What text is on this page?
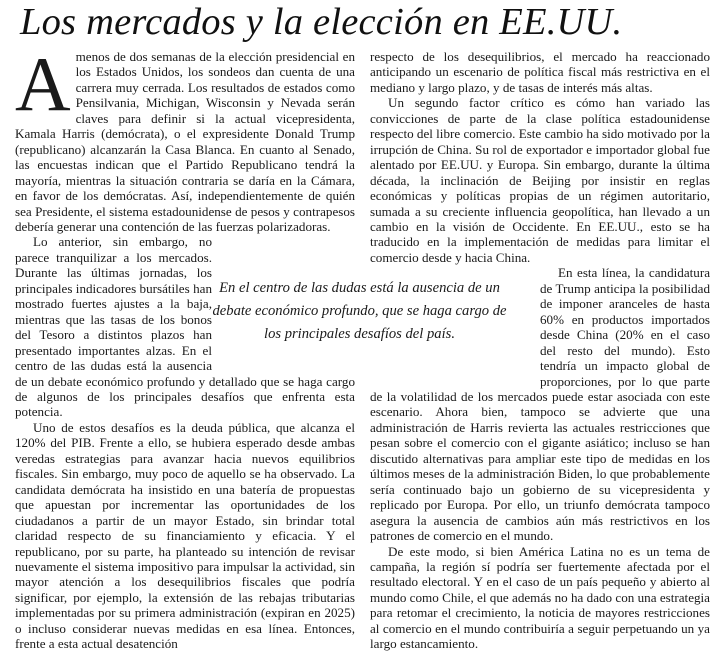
Los mercados y la elección en EE.UU.

A menos de dos semanas de la elección presidencial en los Estados Unidos, los sondeos dan cuenta de una carrera muy cerrada. Los resultados de estados como Pensilvania, Michigan, Wisconsin y Nevada serán claves para definir si la actual vicepresidenta, Kamala Harris (demócrata), o el expresidente Donald Trump (republicano) alcanzarán la Casa Blanca. En cuanto al Senado, las encuestas indican que el Partido Republicano tendrá la mayoría, mientras la situación contraria se daría en la Cámara, en favor de los demócratas. Así, independientemente de quién sea Presidente, el sistema estadounidense de pesos y contrapesos debería generar una contención de las fuerzas polarizadoras.

Lo anterior, sin embargo, no parece tranquilizar a los mercados. Durante las últimas jornadas, los principales indicadores bursátiles han mostrado fuertes ajustes a la baja, mientras que las tasas de los bonos del Tesoro a distintos plazos han presentado importantes alzas. En el centro de las dudas está la ausencia de un debate económico profundo y detallado que se haga cargo de algunos de los principales desafíos que enfrenta esta potencia.

Uno de estos desafíos es la deuda pública, que alcanza el 120% del PIB. Frente a ello, se hubiera esperado desde ambas veredas estrategias para avanzar hacia nuevos equilibrios fiscales. Sin embargo, muy poco de aquello se ha observado. La candidata demócrata ha insistido en una batería de propuestas que apuestan por incrementar las oportunidades de los ciudadanos a partir de un mayor Estado, sin brindar total claridad respecto de su financiamiento y eficacia. Y el republicano, por su parte, ha planteado su intención de revisar nuevamente el sistema impositivo para impulsar la actividad, sin mayor atención a los desequilibrios fiscales que podría significar, por ejemplo, la extensión de las rebajas tributarias implementadas por su primera administración (expiran en 2025) o incluso considerar nuevas medidas en esa línea. Entonces, frente a esta actual desatención

respecto de los desequilibrios, el mercado ha reaccionado anticipando un escenario de política fiscal más restrictiva en el mediano y largo plazo, y de tasas de interés más altas.

Un segundo factor crítico es cómo han variado las convicciones de parte de la clase política estadounidense respecto del libre comercio. Este cambio ha sido motivado por la irrupción de China. Su rol de exportador e importador global fue alentado por EE.UU. y Europa. Sin embargo, durante la última década, la inclinación de Beijing por insistir en reglas económicas y políticas propias de un régimen autoritario, sumada a su creciente influencia geopolítica, han llevado a un cambio en la visión de Occidente. En EE.UU., esto se ha traducido en la implementación de medidas para limitar el comercio desde y hacia China.

En esta línea, la candidatura de Trump anticipa la posibilidad de imponer aranceles de hasta 60% en productos importados desde China (20% en el caso del resto del mundo). Esto tendría un impacto global de proporciones, por lo que parte de la volatilidad de los mercados puede estar asociada con este escenario. Ahora bien, tampoco se advierte que una administración de Harris revierta las actuales restricciones que pesan sobre el comercio con el gigante asiático; incluso se han discutido alternativas para ampliar este tipo de medidas en los últimos meses de la administración Biden, lo que probablemente sería continuado bajo un gobierno de su vicepresidenta y replicado por Europa. Por ello, un triunfo demócrata tampoco asegura la ausencia de cambios aún más restrictivos en los patrones de comercio en el mundo.

De este modo, si bien América Latina no es un tema de campaña, la región sí podría ser fuertemente afectada por el resultado electoral. Y en el caso de un país pequeño y abierto al mundo como Chile, el que además no ha dado con una estrategia para retomar el crecimiento, la noticia de mayores restricciones al comercio en el mundo contribuiría a seguir perpetuando un ya largo estancamiento.

En el centro de las dudas está la ausencia de un debate económico profundo, que se haga cargo de los principales desafíos del país.
